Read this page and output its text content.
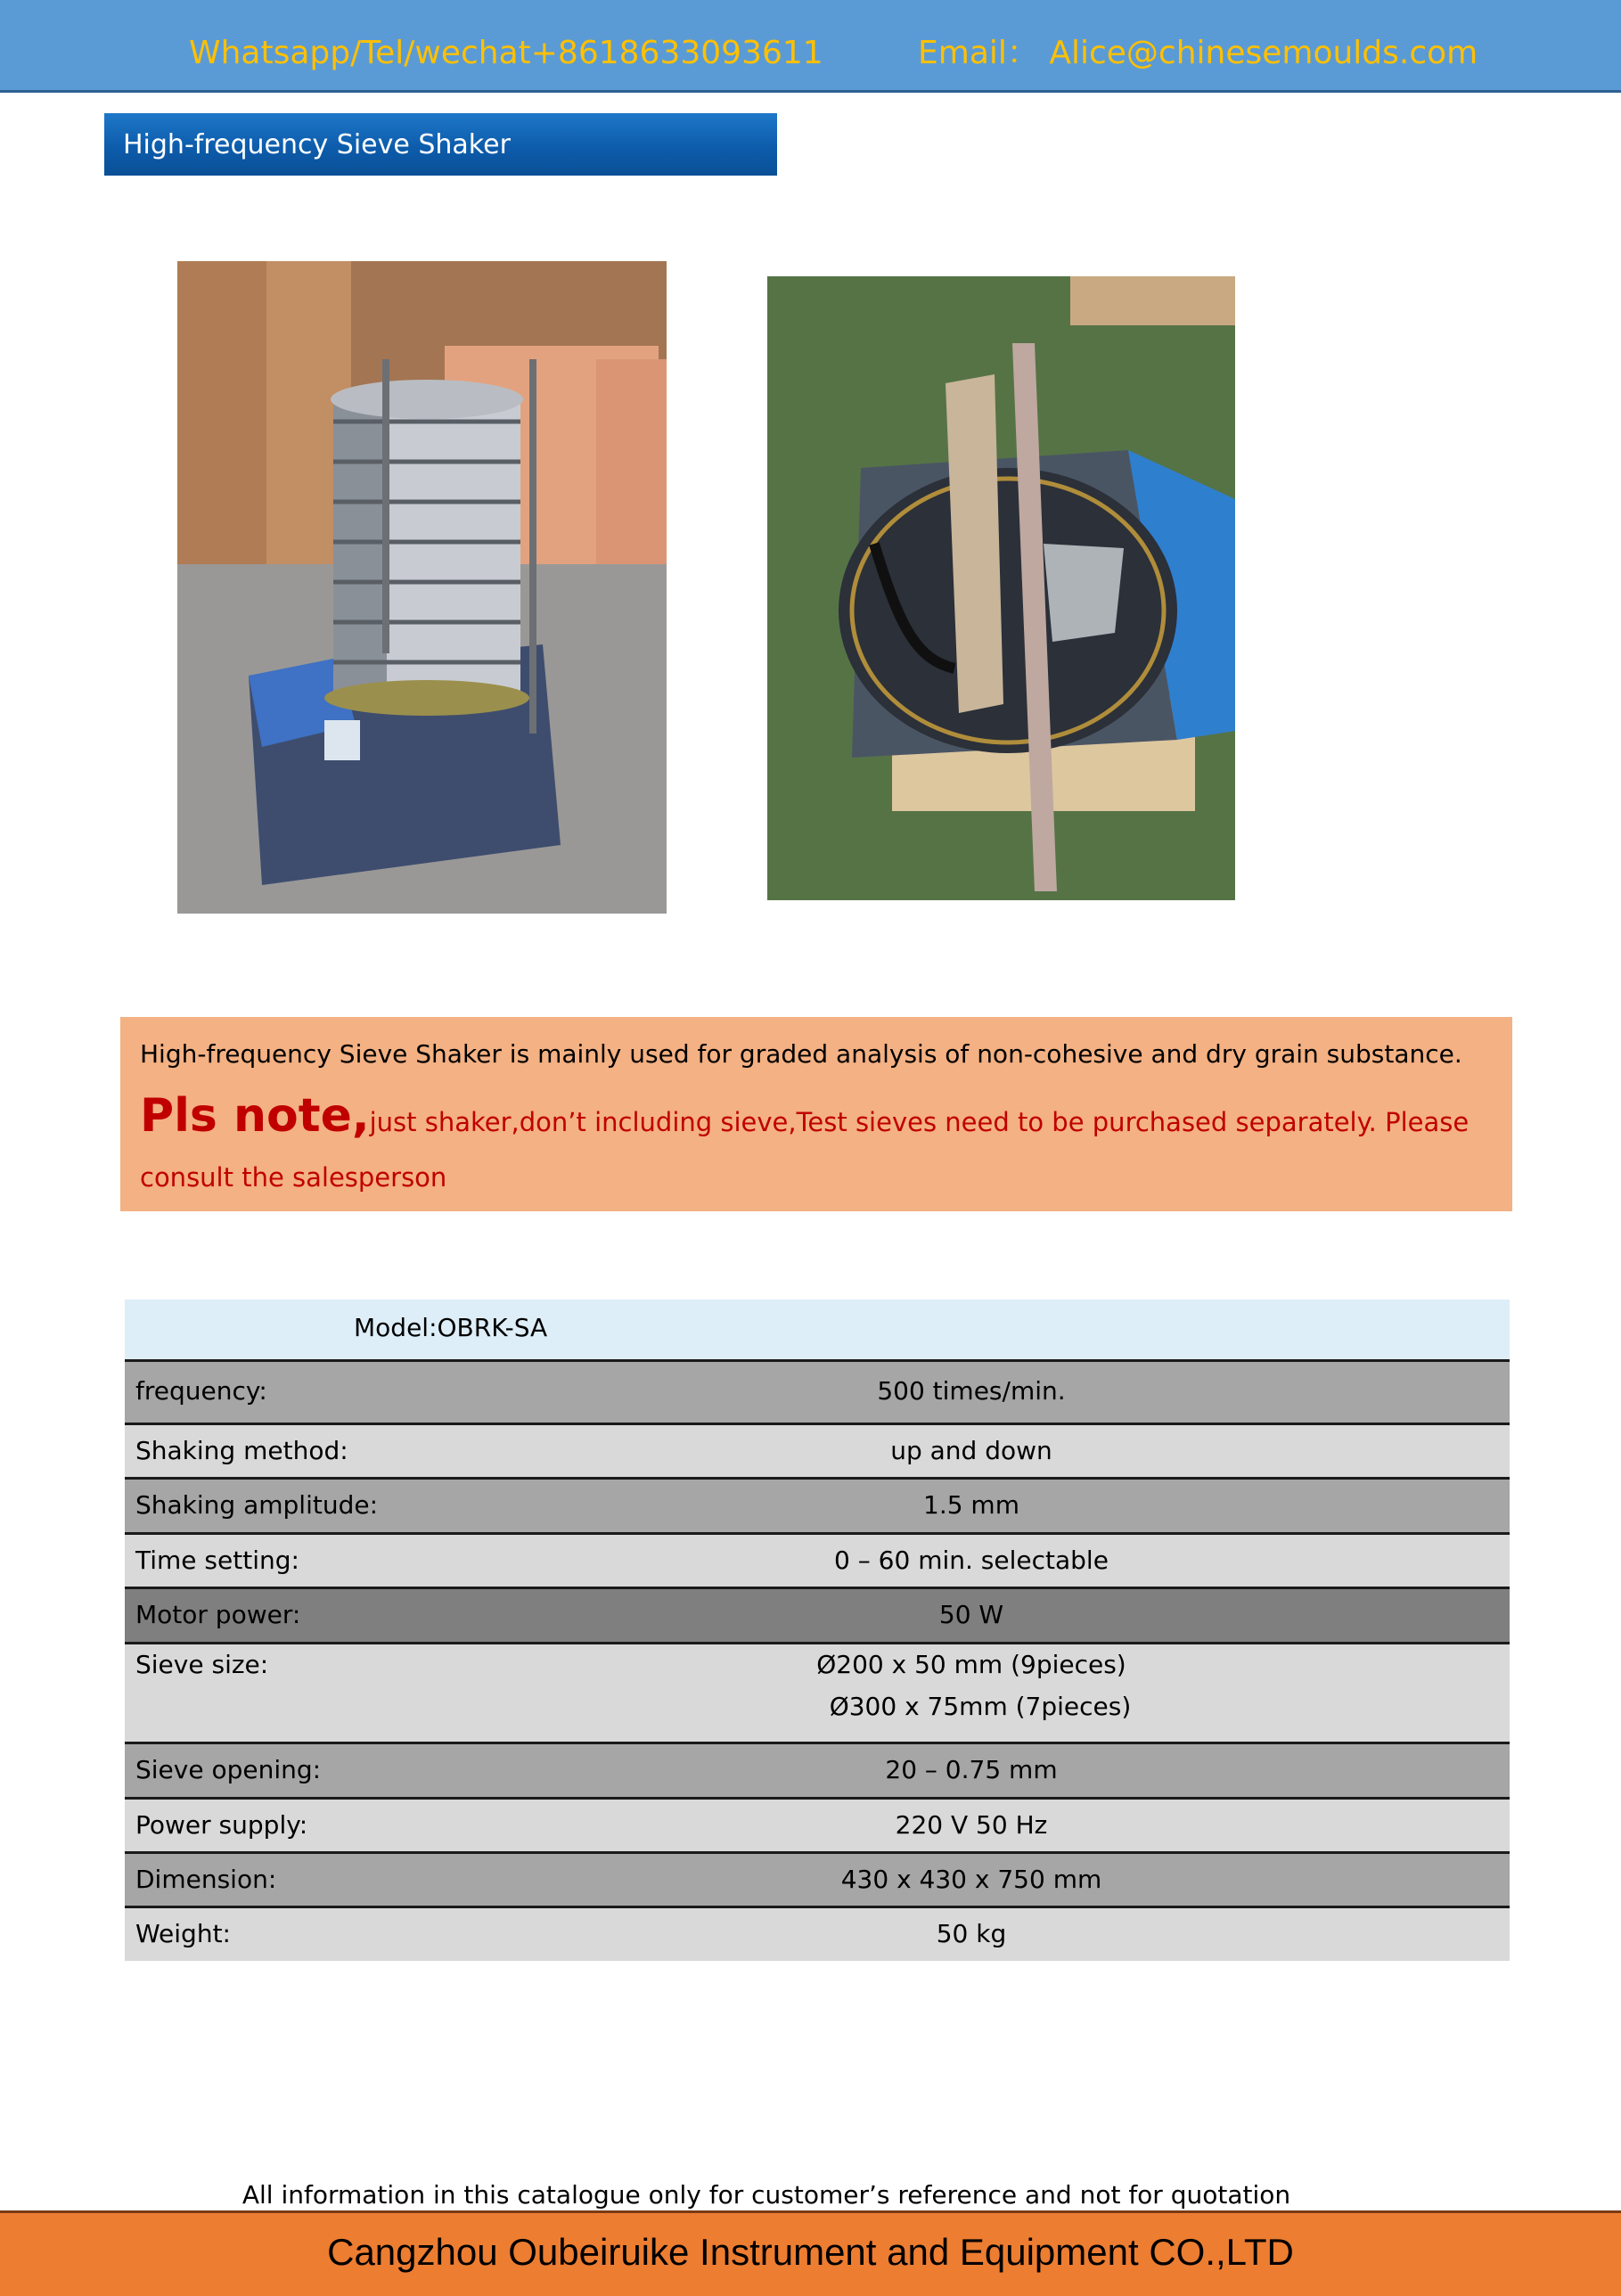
Whatsapp/Tel/wechat+8618633093611	Email： Alice@chinesemoulds.com
High-frequency Sieve Shaker
High-frequency Sieve Shaker is mainly used for graded analysis of non-cohesive and dry grain substance.
Pls note,just shaker,don’t including sieve,Test sieves need to be purchased separately. Please consult the salesperson
Model:OBRK-SA
frequency:	500 times/min.
Shaking method:	up and down
Shaking amplitude:	1.5 mm
Time setting:	0 – 60 min. selectable
Motor power:	50 W
Sieve size:	Ø200 x 50 mm (9pieces)
Ø300 x 75mm (7pieces)
Sieve opening:	20 – 0.75 mm
Power supply:	220 V 50 Hz
Dimension:	430 x 430 x 750 mm
Weight:	50 kg
All information in this catalogue only for customer’s reference and not for quotation
Cangzhou Oubeiruike Instrument and Equipment CO.,LTD
